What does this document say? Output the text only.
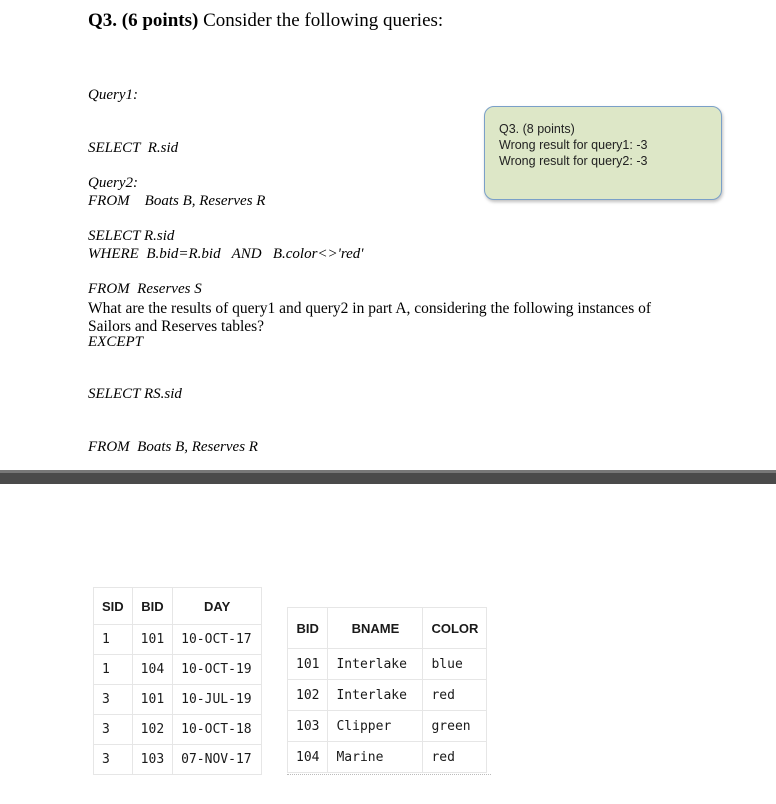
Q3. (6 points) Consider the following queries:

Query1:

SELECT  R.sid

FROM    Boats B, Reserves R

WHERE  B.bid=R.bid   AND   B.color<>'red'

Query2:

SELECT R.sid

FROM  Reserves S

EXCEPT

SELECT RS.sid

FROM  Boats B, Reserves R

Q3. (8 points)
Wrong result for query1: -3
Wrong result for query2: -3
What are the results of query1 and query2 in part A, considering the following instances of Sailors and Reserves tables?
SID	BID	DAY
1	101	10-OCT-17
1	104	10-OCT-19
3	101	10-JUL-19
3	102	10-OCT-18
3	103	07-NOV-17
BID	BNAME	COLOR
101	Interlake	blue
102	Interlake	red
103	Clipper	green
104	Marine	red
